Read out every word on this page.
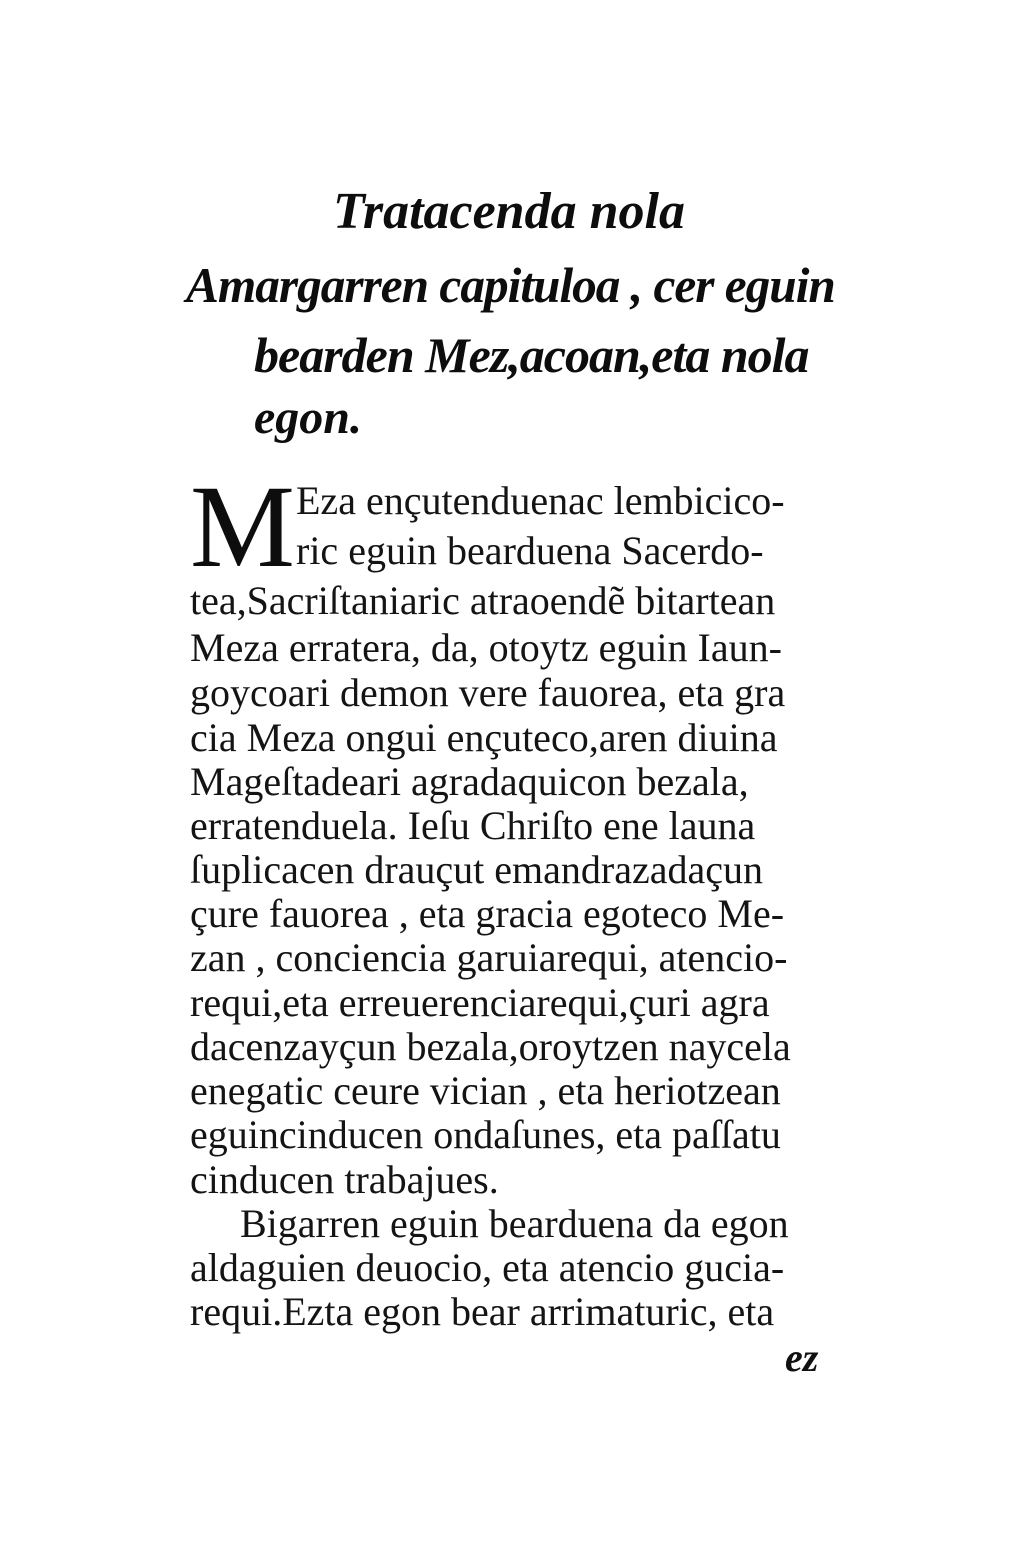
Tratacenda nola
Amargarren capituloa , cer eguin
bearden Mez,acoan,eta nola
egon.
M Eza ençutenduenac lembicico-
ric eguin bearduena Sacerdo-
tea,Sacriſtaniaric atraoendẽ bitartean
Meza erratera, da, otoytz eguin Iaun-
goycoari demon vere fauorea, eta gra
cia Meza ongui ençuteco,aren diuina
Mageſtadeari agradaquicon bezala,
erratenduela. Ieſu Chriſto ene launa
ſuplicacen drauçut emandrazadaçun
çure fauorea , eta gracia egoteco Me-
zan , conciencia garuiarequi, atencio-
requi,eta erreuerenciarequi,çuri agra
dacenzayçun bezala,oroytzen naycela
enegatic ceure vician , eta heriotzean
eguincinducen ondaſunes, eta paſſatu
cinducen trabajues.
Bigarren eguin bearduena da egon
aldaguien deuocio, eta atencio gucia-
requi.Ezta egon bear arrimaturic, eta
ez
